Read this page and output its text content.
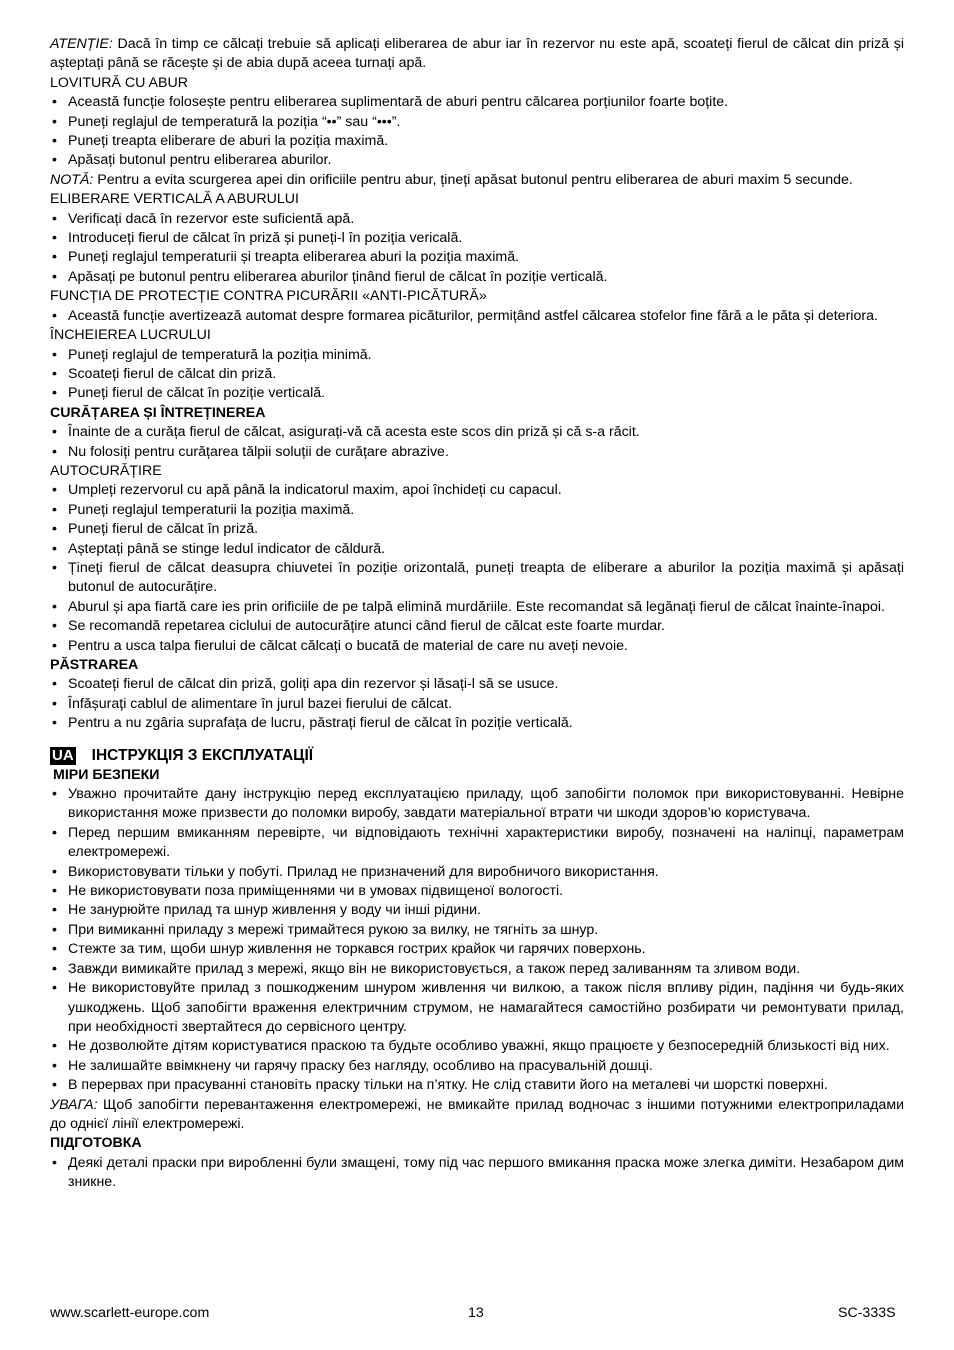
ATENȚIE: Dacă în timp ce călcați trebuie să aplicați eliberarea de abur iar în rezervor nu este apă, scoateți fierul de călcat din priză și așteptați până se răcește și de abia după aceea turnați apă.

LOVITURĂ CU ABUR

• Această funcție folosește pentru eliberarea suplimentară de aburi pentru călcarea porțiunilor foarte boțite.
• Puneți reglajul de temperatură la poziția “••” sau “•••”.
• Puneți treapta eliberare de aburi la poziția maximă.
• Apăsați butonul pentru eliberarea aburilor.

NOTĂ: Pentru a evita scurgerea apei din orificiile pentru abur, țineți apăsat butonul pentru eliberarea de aburi maxim 5 secunde.

ELIBERARE VERTICALĂ A ABURULUI

• Verificați dacă în rezervor este suficientă apă.
• Introduceți fierul de călcat în priză și puneți-l în poziția vericală.
• Puneți reglajul temperaturii și treapta eliberarea aburi la poziția maximă.
• Apăsați pe butonul pentru eliberarea aburilor ținând fierul de călcat în poziție verticală.

FUNCȚIA DE PROTECȚIE CONTRA PICURĂRII «ANTI-PICĂTURĂ»

• Această funcție avertizează automat despre formarea picăturilor, permițând astfel călcarea stofelor fine fără a le păta și deteriora.

ÎNCHEIEREA LUCRULUI

• Puneți reglajul de temperatură la poziția minimă.
• Scoateți fierul de călcat din priză.
• Puneți fierul de călcat în poziție verticală.

CURĂȚAREA ȘI ÎNTREȚINEREA

• Înainte de a curăța fierul de călcat, asigurați-vă că acesta este scos din priză și că s-a răcit.
• Nu folosiți pentru curățarea tălpii soluții de curățare abrazive.

AUTOCURĂȚIRE

• Umpleți rezervorul cu apă până la indicatorul maxim, apoi închideți cu capacul.
• Puneți reglajul temperaturii la poziția maximă.
• Puneți fierul de călcat în priză.
• Așteptați până se stinge ledul indicator de căldură.
• Țineți fierul de călcat deasupra chiuvetei în poziție orizontală, puneți treapta de eliberare a aburilor la poziția maximă și apăsați butonul de autocurățire.
• Aburul și apa fiartă care ies prin orificiile de pe talpă elimină murdăriile. Este recomandat să legănați fierul de călcat înainte-înapoi.
• Se recomandă repetarea ciclului de autocurățire atunci când fierul de călcat este foarte murdar.
• Pentru a usca talpa fierului de călcat călcați o bucată de material de care nu aveți nevoie.

PĂSTRAREA

• Scoateți fierul de călcat din priză, goliți apa din rezervor și lăsați-l să se usuce.
• Înfășurați cablul de alimentare în jurul bazei fierului de călcat.
• Pentru a nu zgâria suprafața de lucru, păstrați fierul de călcat în poziție verticală.
UA ІНСТРУКЦІЯ З ЕКСПЛУАТАЦІЇ

МІРИ БЕЗПЕКИ

• Уважно прочитайте дану інструкцію перед експлуатацією приладу, щоб запобігти поломок при використовуванні. Невірне використання може призвести до поломки виробу, завдати матеріальної втрати чи шкоди здоров’ю користувача.
• Перед першим вмиканням перевірте, чи відповідають технічні характеристики виробу, позначені на наліпці, параметрам електромережі.
• Використовувати тільки у побуті. Прилад не призначений для виробничого використання.
• Не використовувати поза приміщеннями чи в умовах підвищеної вологості.
• Не занурюйте прилад та шнур живлення у воду чи інші рідини.
• При вимиканні приладу з мережі тримайтеся рукою за вилку, не тягніть за шнур.
• Стежте за тим, щоби шнур живлення не торкався гострих крайок чи гарячих поверхонь.
• Завжди вимикайте прилад з мережі, якщо він не використовується, а також перед заливанням та зливом води.
• Не використовуйте прилад з пошкодженим шнуром живлення чи вилкою, а також після впливу рідин, падіння чи будь-яких ушкоджень. Щоб запобігти враження електричним струмом, не намагайтеся самостійно розбирати чи ремонтувати прилад, при необхідності звертайтеся до сервісного центру.
• Не дозволюйте дітям користуватися праскою та будьте особливо уважні, якщо працюєте у безпосередній близькості від них.
• Не залишайте ввімкнену чи гарячу праску без нагляду, особливо на прасувальній дошці.
• В перервах при прасуванні становіть праску тільки на п’ятку. Не слід ставити його на металеві чи шорсткі поверхні.

УВАГА: Щоб запобігти перевантаження електромережі, не вмикайте прилад водночас з іншими потужними електроприладами до однієї лінії електромережі.

ПІДГОТОВКА

• Деякі деталі праски при виробленні були змащені, тому під час першого вмикання праска може злегка диміти. Незабаром дим зникне.
www.scarlett-europe.com	13	SC-333S
